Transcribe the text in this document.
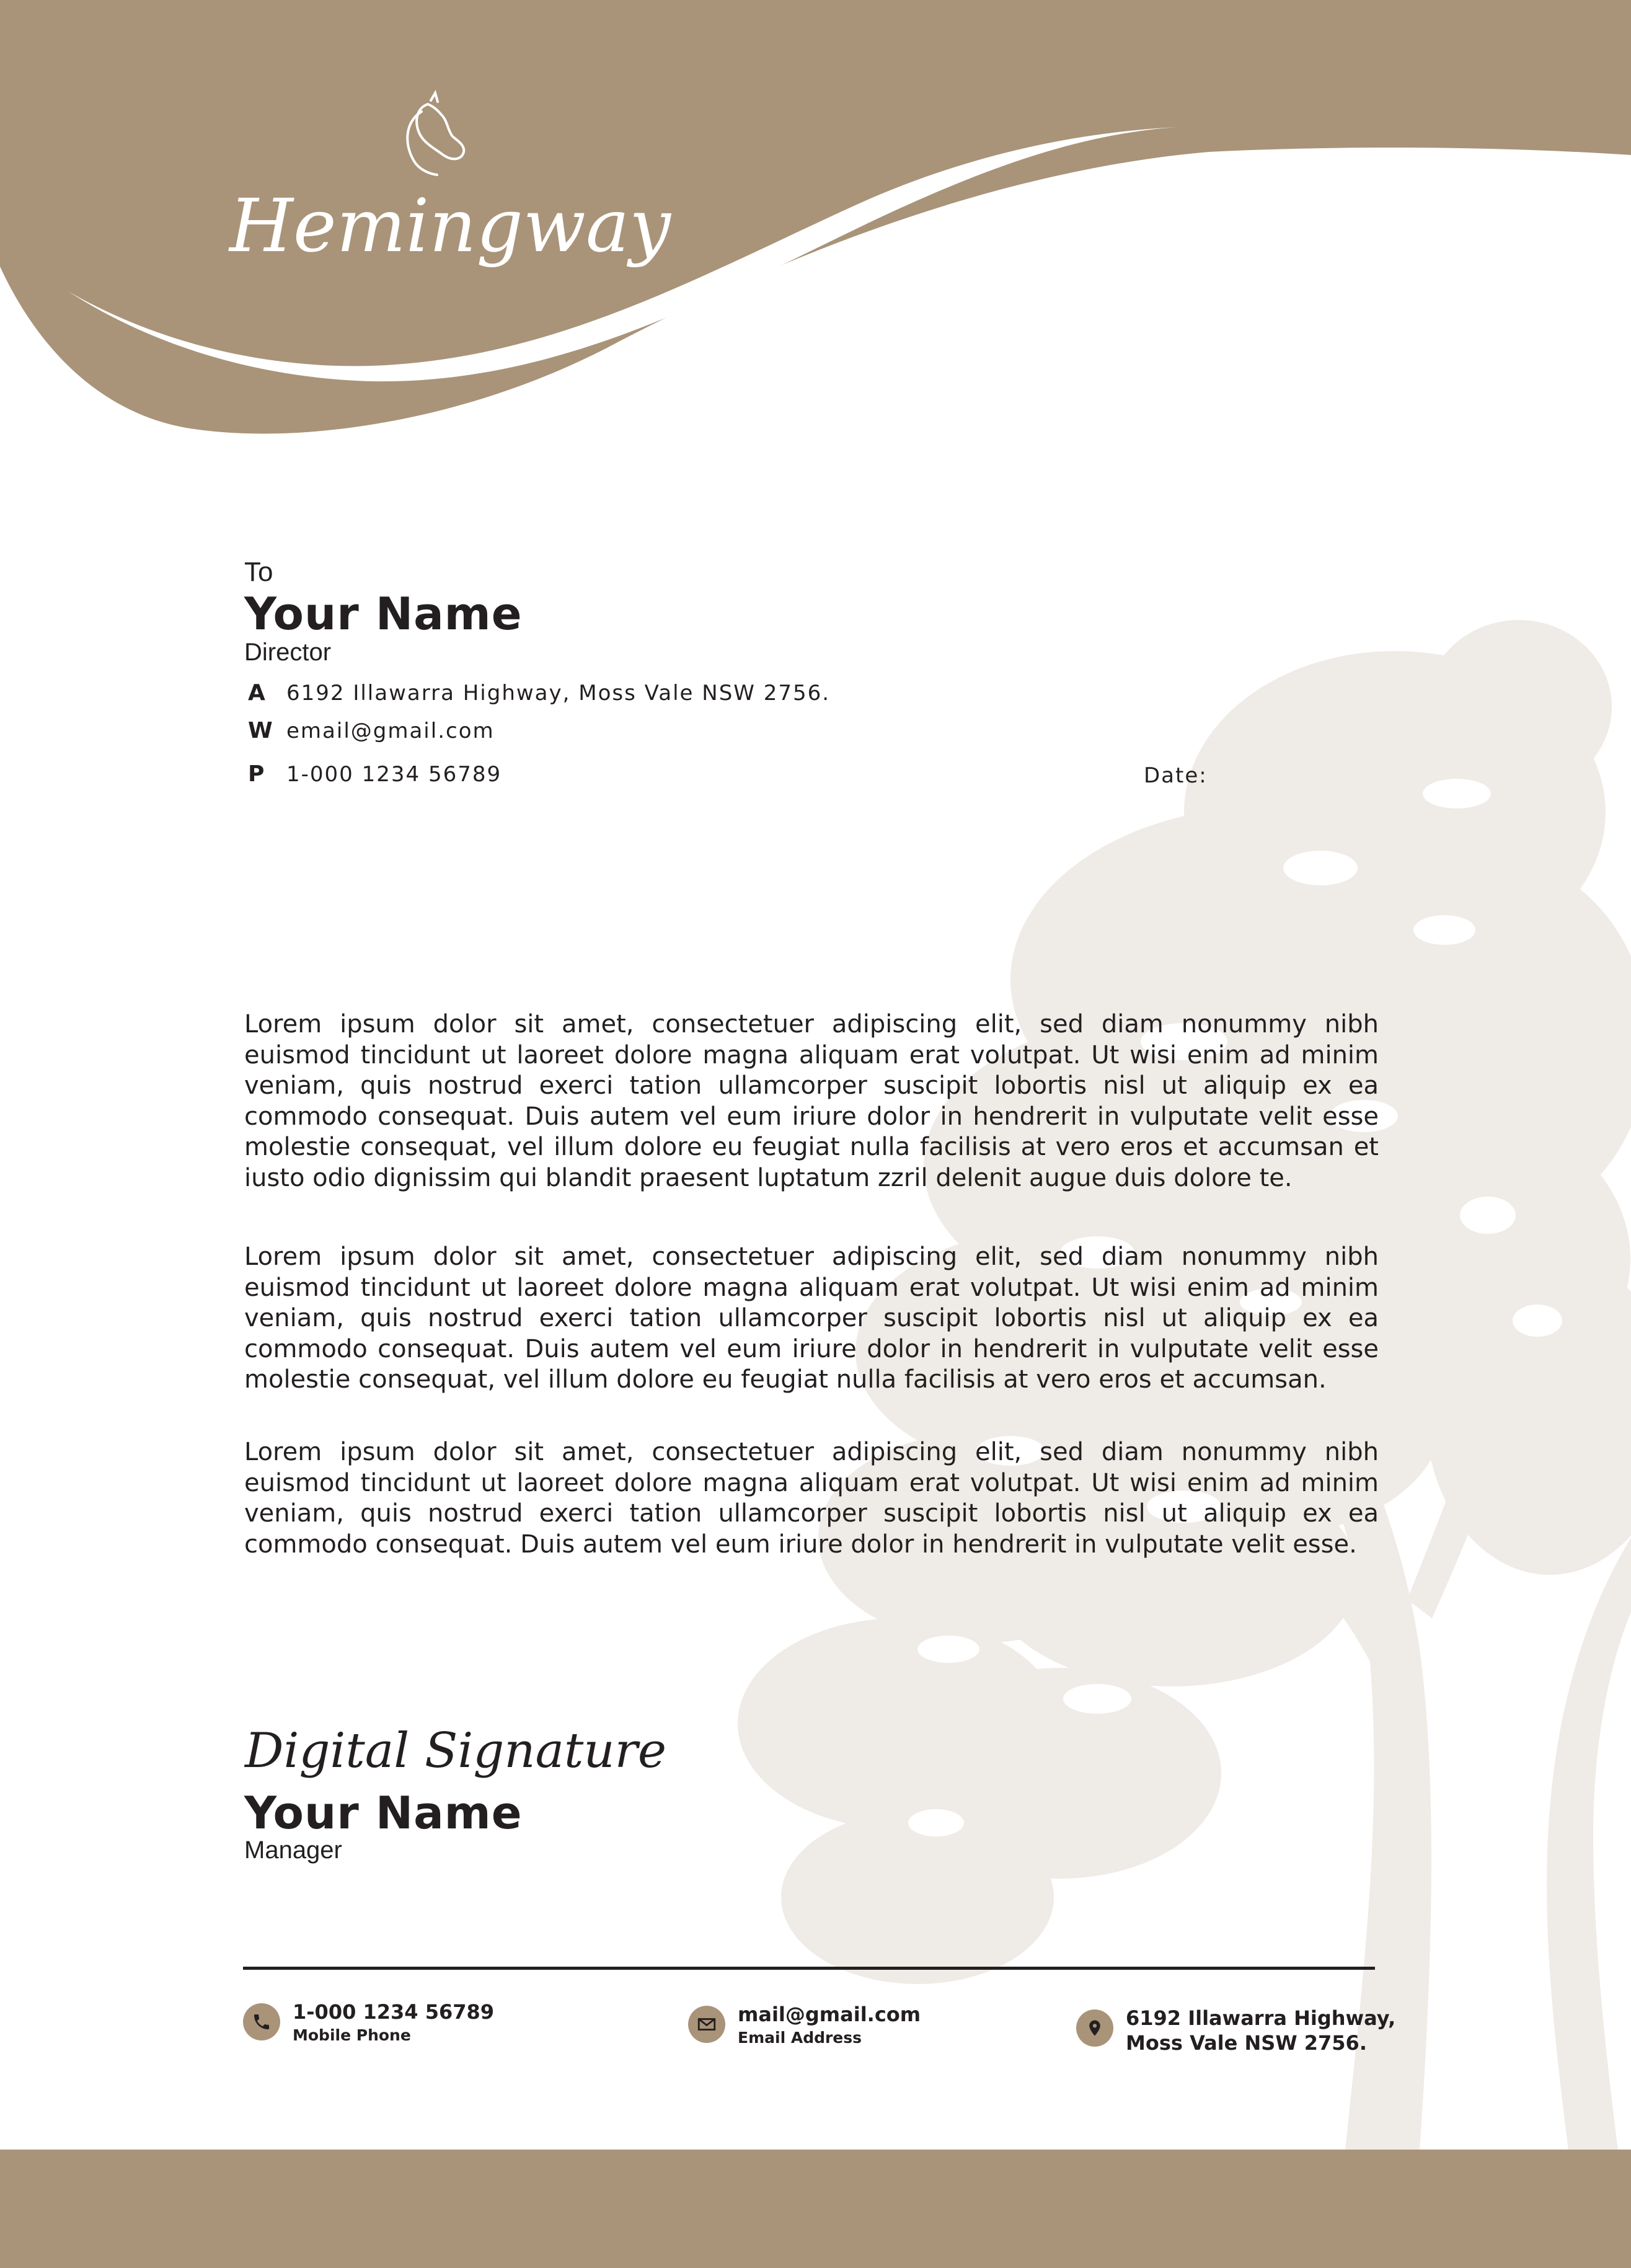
Hemingway
To
Your Name
Director
A 6192 Illawarra Highway, Moss Vale NSW 2756.
W email@gmail.com
P 1-000 1234 56789	Date:
Lorem ipsum dolor sit amet, consectetuer adipiscing elit, sed diam nonummy nibh euismod tincidunt ut laoreet dolore magna aliquam erat volutpat. Ut wisi enim ad minim veniam, quis nostrud exerci tation ullamcorper suscipit lobortis nisl ut aliquip ex ea commodo consequat. Duis autem vel eum iriure dolor in hendrerit in vulputate velit esse molestie consequat, vel illum dolore eu feugiat nulla facilisis at vero eros et accumsan et iusto odio dignissim qui blandit praesent luptatum zzril delenit augue duis dolore te.
Lorem ipsum dolor sit amet, consectetuer adipiscing elit, sed diam nonummy nibh euismod tincidunt ut laoreet dolore magna aliquam erat volutpat. Ut wisi enim ad minim veniam, quis nostrud exerci tation ullamcorper suscipit lobortis nisl ut aliquip ex ea commodo consequat. Duis autem vel eum iriure dolor in hendrerit in vulputate velit esse molestie consequat, vel illum dolore eu feugiat nulla facilisis at vero eros et accumsan.
Lorem ipsum dolor sit amet, consectetuer adipiscing elit, sed diam nonummy nibh euismod tincidunt ut laoreet dolore magna aliquam erat volutpat. Ut wisi enim ad minim veniam, quis nostrud exerci tation ullamcorper suscipit lobortis nisl ut aliquip ex ea commodo consequat. Duis autem vel eum iriure dolor in hendrerit in vulputate velit esse.
Digital Signature
Your Name
Manager
1-000 1234 56789
Mobile Phone
mail@gmail.com
Email Address
6192 Illawarra Highway,
Moss Vale NSW 2756.
